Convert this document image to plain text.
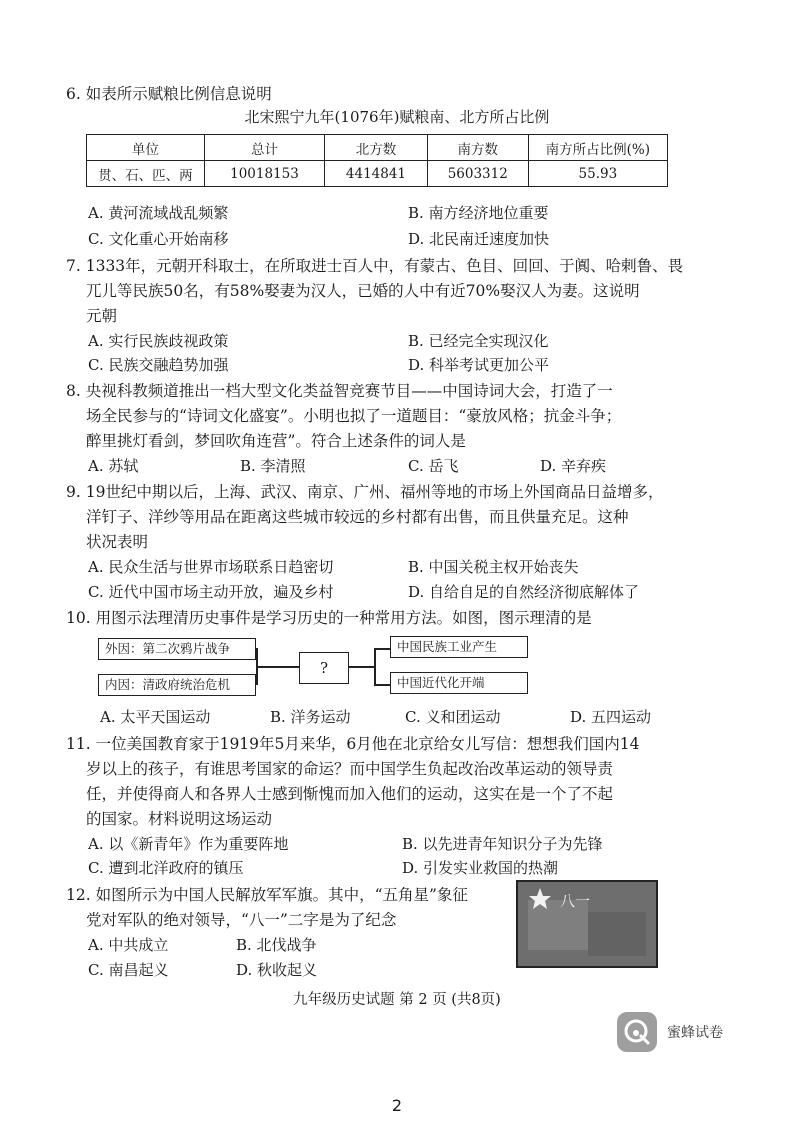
6. 如表所示赋粮比例信息说明
北宋熙宁九年(1076年)赋粮南、北方所占比例
单位	总计	北方数	南方数	南方所占比例(%)
贯、石、匹、两	10018153	4414841	5603312	55.93
A. 黄河流域战乱频繁	B. 南方经济地位重要
C. 文化重心开始南移	D. 北民南迁速度加快
7. 1333年，元朝开科取士，在所取进士百人中，有蒙古、色目、回回、于阗、哈剌鲁、畏
兀儿等民族50名，有58%娶妻为汉人，已婚的人中有近70%娶汉人为妻。这说明
元朝
A. 实行民族歧视政策	B. 已经完全实现汉化
C. 民族交融趋势加强	D. 科举考试更加公平
8. 央视科教频道推出一档大型文化类益智竞赛节目——中国诗词大会，打造了一
场全民参与的“诗词文化盛宴”。小明也拟了一道题目：“豪放风格；抗金斗争；
醉里挑灯看剑，梦回吹角连营”。符合上述条件的词人是
A. 苏轼	B. 李清照	C. 岳飞	D. 辛弃疾
9. 19世纪中期以后，上海、武汉、南京、广州、福州等地的市场上外国商品日益增多，
洋钉子、洋纱等用品在距离这些城市较远的乡村都有出售，而且供量充足。这种
状况表明
A. 民众生活与世界市场联系日趋密切	B. 中国关税主权开始丧失
C. 近代中国市场主动开放，遍及乡村	D. 自给自足的自然经济彻底解体了
10. 用图示法理清历史事件是学习历史的一种常用方法。如图，图示理清的是
外因：第二次鸦片战争
内因：清政府统治危机
?
中国民族工业产生
中国近代化开端
A. 太平天国运动	B. 洋务运动	C. 义和团运动	D. 五四运动
11. 一位美国教育家于1919年5月来华，6月他在北京给女儿写信：想想我们国内14
岁以上的孩子，有谁思考国家的命运？而中国学生负起改治改革运动的领导责
任，并使得商人和各界人士感到惭愧而加入他们的运动，这实在是一个了不起
的国家。材料说明这场运动
A. 以《新青年》作为重要阵地	B. 以先进青年知识分子为先锋
C. 遭到北洋政府的镇压	D. 引发实业救国的热潮
12. 如图所示为中国人民解放军军旗。其中，“五角星”象征
党对军队的绝对领导，“八一”二字是为了纪念
八一
A. 中共成立	B. 北伐战争
C. 南昌起义	D. 秋收起义
九年级历史试题 第 2 页 (共8页)
蜜蜂试卷
2
